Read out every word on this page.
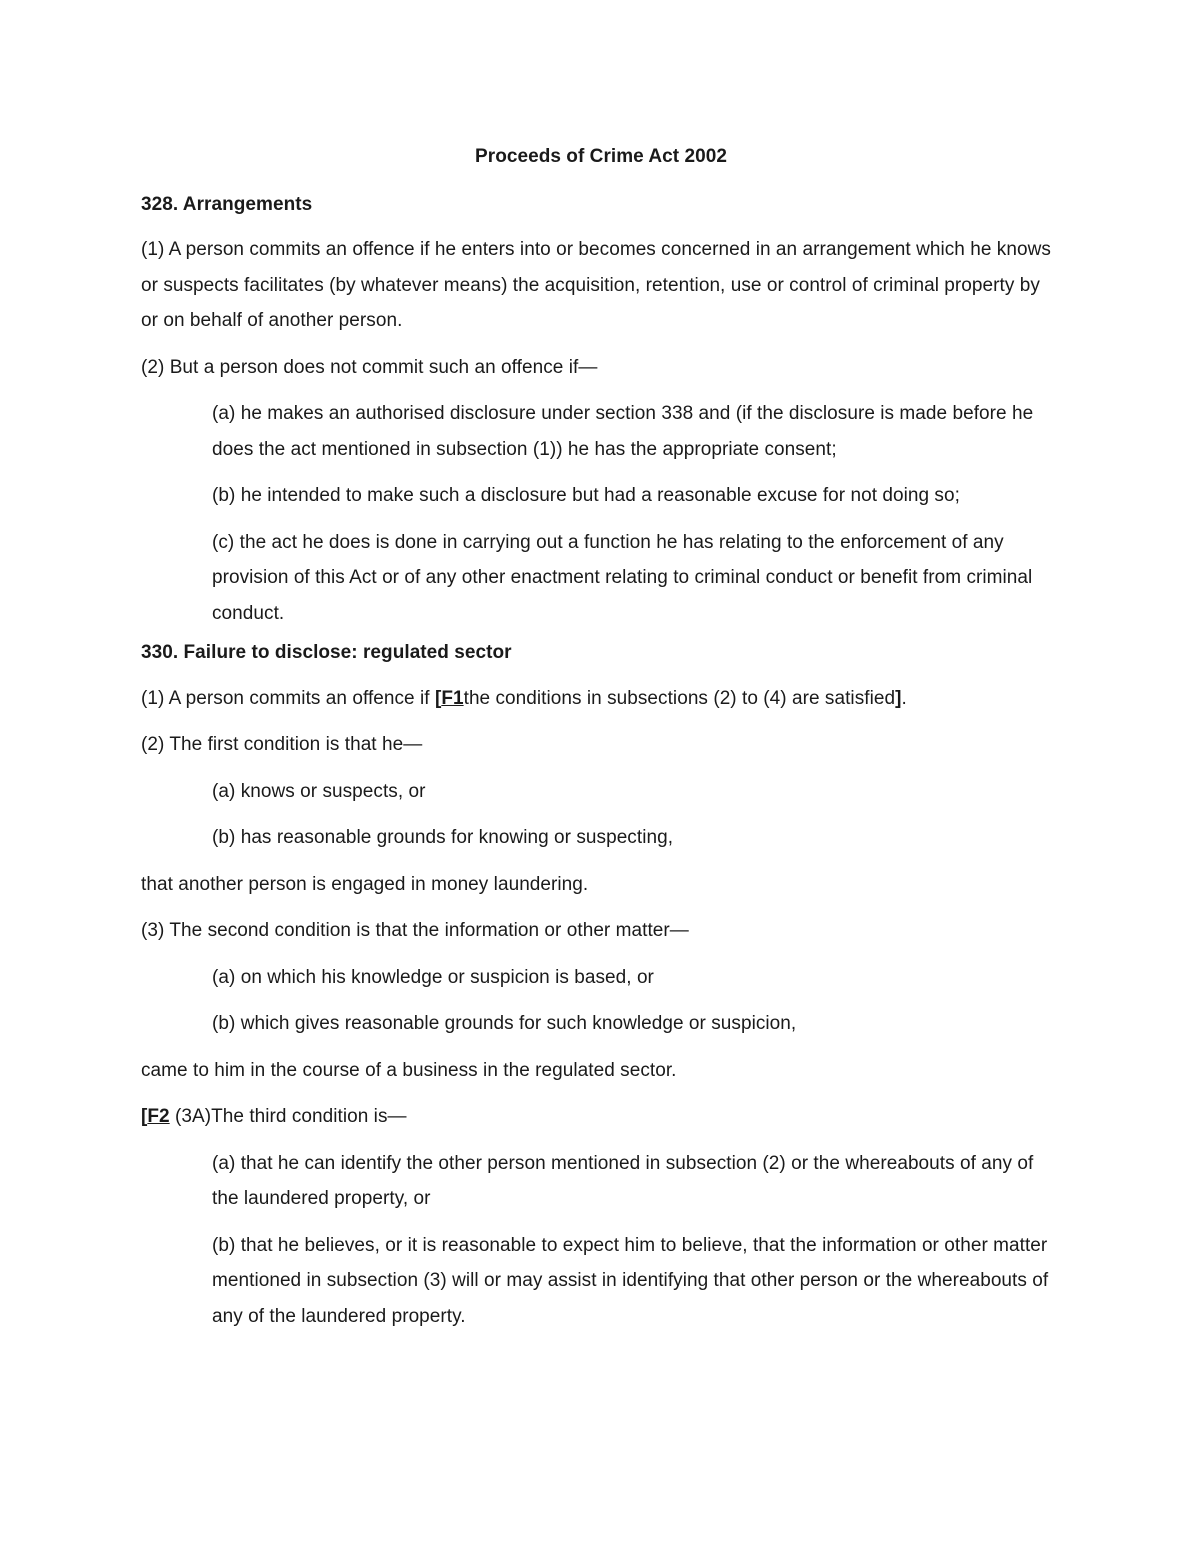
Proceeds of Crime Act 2002
328. Arrangements
(1) A person commits an offence if he enters into or becomes concerned in an arrangement which he knows or suspects facilitates (by whatever means) the acquisition, retention, use or control of criminal property by or on behalf of another person.
(2) But a person does not commit such an offence if—
(a) he makes an authorised disclosure under section 338 and (if the disclosure is made before he does the act mentioned in subsection (1)) he has the appropriate consent;
(b) he intended to make such a disclosure but had a reasonable excuse for not doing so;
(c) the act he does is done in carrying out a function he has relating to the enforcement of any provision of this Act or of any other enactment relating to criminal conduct or benefit from criminal conduct.
330. Failure to disclose: regulated sector
(1) A person commits an offence if [F1the conditions in subsections (2) to (4) are satisfied].
(2) The first condition is that he—
(a) knows or suspects, or
(b) has reasonable grounds for knowing or suspecting,
that another person is engaged in money laundering.
(3) The second condition is that the information or other matter—
(a) on which his knowledge or suspicion is based, or
(b) which gives reasonable grounds for such knowledge or suspicion,
came to him in the course of a business in the regulated sector.
[F2 (3A)The third condition is—
(a) that he can identify the other person mentioned in subsection (2) or the whereabouts of any of the laundered property, or
(b) that he believes, or it is reasonable to expect him to believe, that the information or other matter mentioned in subsection (3) will or may assist in identifying that other person or the whereabouts of any of the laundered property.
